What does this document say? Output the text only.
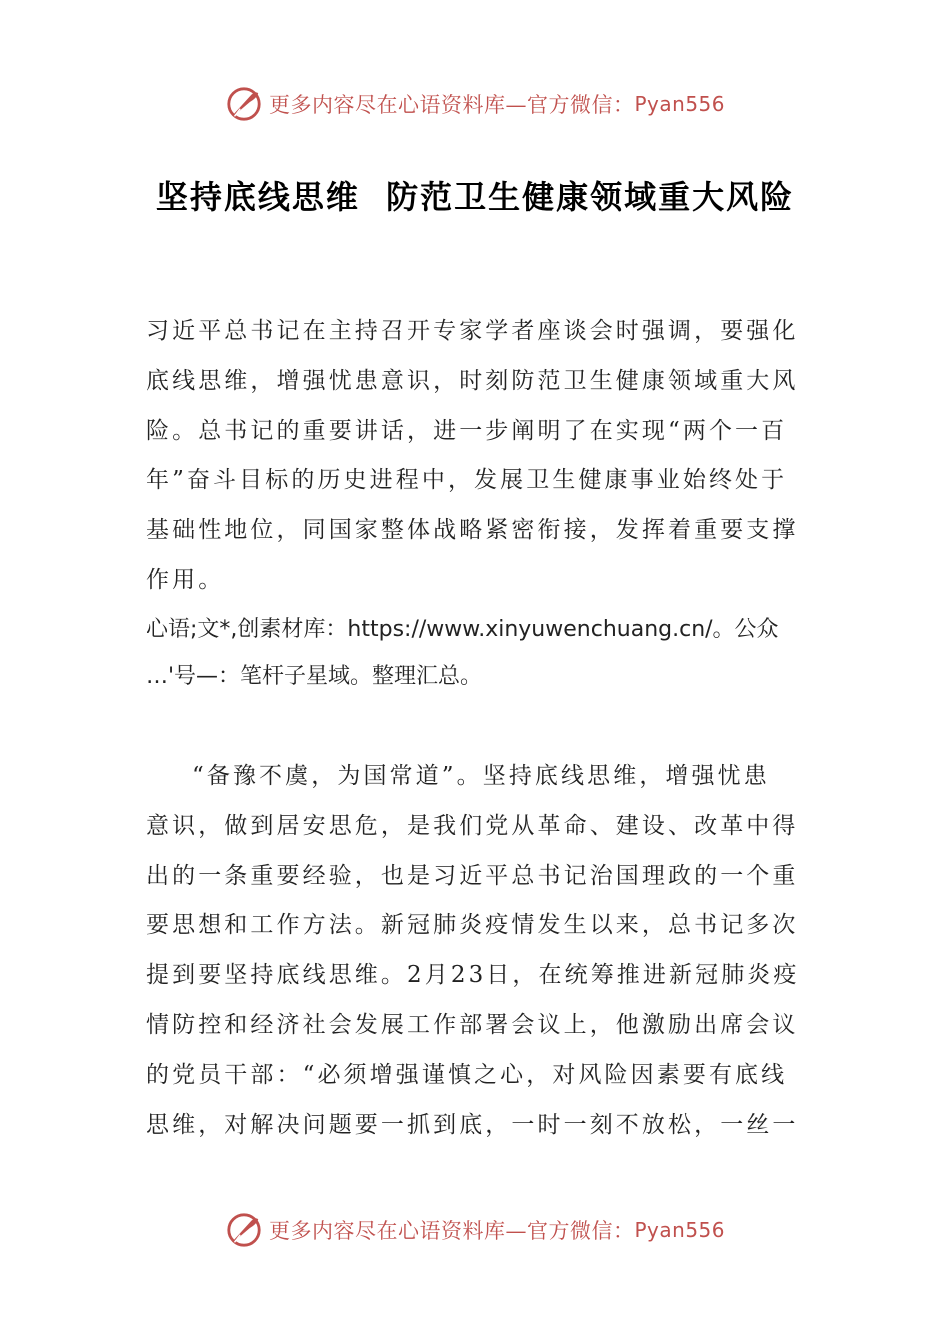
更多内容尽在心语资料库—官方微信： Pyan556
坚持底线思维  防范卫生健康领域重大风险
习近平总书记在主持召开专家学者座谈会时强调，要强化
底线思维，增强忧患意识，时刻防范卫生健康领域重大风
险。总书记的重要讲话，进一步阐明了在实现“两个一百
年”奋斗目标的历史进程中，发展卫生健康事业始终处于
基础性地位，同国家整体战略紧密衔接，发挥着重要支撑
作用。
心语;文*,创素材库：https://www.xinyuwenchuang.cn/。公众
…'号—：笔杆子星域。整理汇总。
“备豫不虞，为国常道”。坚持底线思维，增强忧患
意识，做到居安思危，是我们党从革命、建设、改革中得
出的一条重要经验，也是习近平总书记治国理政的一个重
要思想和工作方法。新冠肺炎疫情发生以来，总书记多次
提到要坚持底线思维。2月23日，在统筹推进新冠肺炎疫
情防控和经济社会发展工作部署会议上，他激励出席会议
的党员干部：“必须增强谨慎之心，对风险因素要有底线
思维，对解决问题要一抓到底，一时一刻不放松，一丝一
更多内容尽在心语资料库—官方微信： Pyan556
